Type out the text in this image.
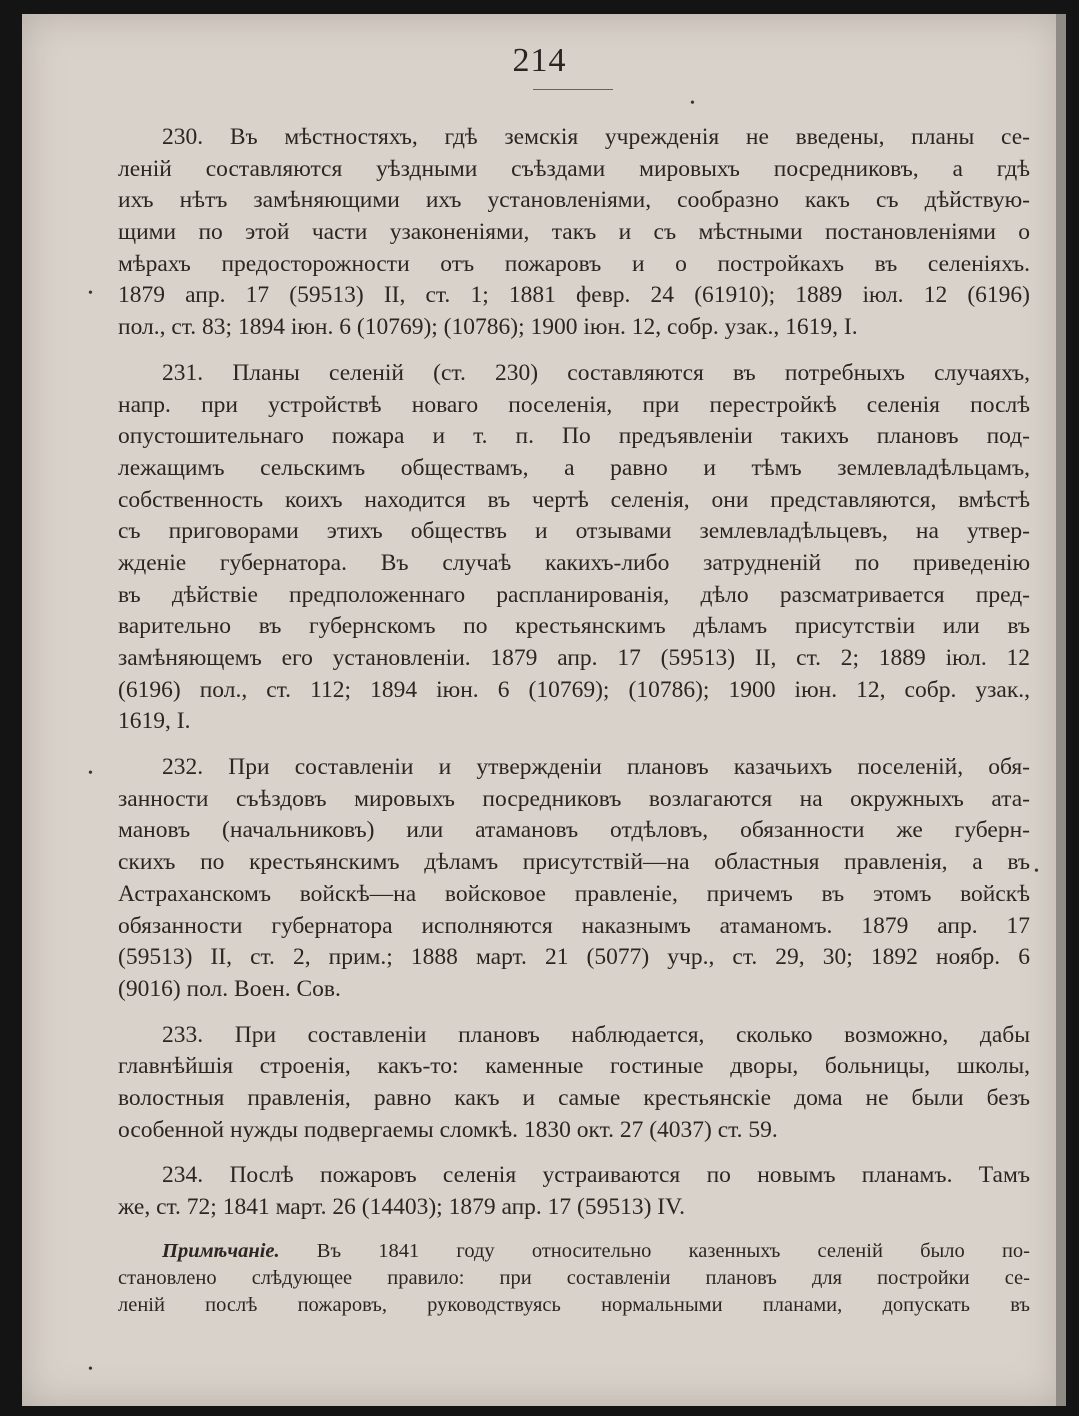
214
•
•
•
•
•
230. Въ мѣстностяхъ, гдѣ земскія учрежденія не введены, планы се-
леній составляются уѣздными съѣздами мировыхъ посредниковъ, а гдѣ
ихъ нѣтъ замѣняющими ихъ установленіями, сообразно какъ съ дѣйствую-
щими по этой части узаконеніями, такъ и съ мѣстными постановленіями о
мѣрахъ предосторожности отъ пожаровъ и о постройкахъ въ селеніяхъ.
1879 апр. 17 (59513) II, ст. 1; 1881 февр. 24 (61910); 1889 іюл. 12 (6196)
пол., ст. 83; 1894 іюн. 6 (10769); (10786); 1900 іюн. 12, собр. узак., 1619, I.
231. Планы селеній (ст. 230) составляются въ потребныхъ случаяхъ,
напр. при устройствѣ новаго поселенія, при перестройкѣ селенія послѣ
опустошительнаго пожара и т. п. По предъявленіи такихъ плановъ под-
лежащимъ сельскимъ обществамъ, а равно и тѣмъ землевладѣльцамъ,
собственность коихъ находится въ чертѣ селенія, они представляются, вмѣстѣ
съ приговорами этихъ обществъ и отзывами землевладѣльцевъ, на утвер-
жденіе губернатора. Въ случаѣ какихъ-либо затрудненій по приведенію
въ дѣйствіе предположеннаго распланированія, дѣло разсматривается пред-
варительно въ губернскомъ по крестьянскимъ дѣламъ присутствіи или въ
замѣняющемъ его установленіи. 1879 апр. 17 (59513) II, ст. 2; 1889 іюл. 12
(6196) пол., ст. 112; 1894 іюн. 6 (10769); (10786); 1900 іюн. 12, собр. узак.,
1619, I.
232. При составленіи и утвержденіи плановъ казачьихъ поселеній, обя-
занности съѣздовъ мировыхъ посредниковъ возлагаются на окружныхъ ата-
мановъ (начальниковъ) или атамановъ отдѣловъ, обязанности же губерн-
скихъ по крестьянскимъ дѣламъ присутствій—на областныя правленія, а въ
Астраханскомъ войскѣ—на войсковое правленіе, причемъ въ этомъ войскѣ
обязанности губернатора исполняются наказнымъ атаманомъ. 1879 апр. 17
(59513) II, ст. 2, прим.; 1888 март. 21 (5077) учр., ст. 29, 30; 1892 ноябр. 6
(9016) пол. Воен. Сов.
233. При составленіи плановъ наблюдается, сколько возможно, дабы
главнѣйшія строенія, какъ-то: каменные гостиные дворы, больницы, школы,
волостныя правленія, равно какъ и самые крестьянскіе дома не были безъ
особенной нужды подвергаемы сломкѣ. 1830 окт. 27 (4037) ст. 59.
234. Послѣ пожаровъ селенія устраиваются по новымъ планамъ. Тамъ
же, ст. 72; 1841 март. 26 (14403); 1879 апр. 17 (59513) IV.
Примѣчаніе. Въ 1841 году относительно казенныхъ селеній было по-
становлено слѣдующее правило: при составленіи плановъ для постройки се-
леній послѣ пожаровъ, руководствуясь нормальными планами, допускать въ
